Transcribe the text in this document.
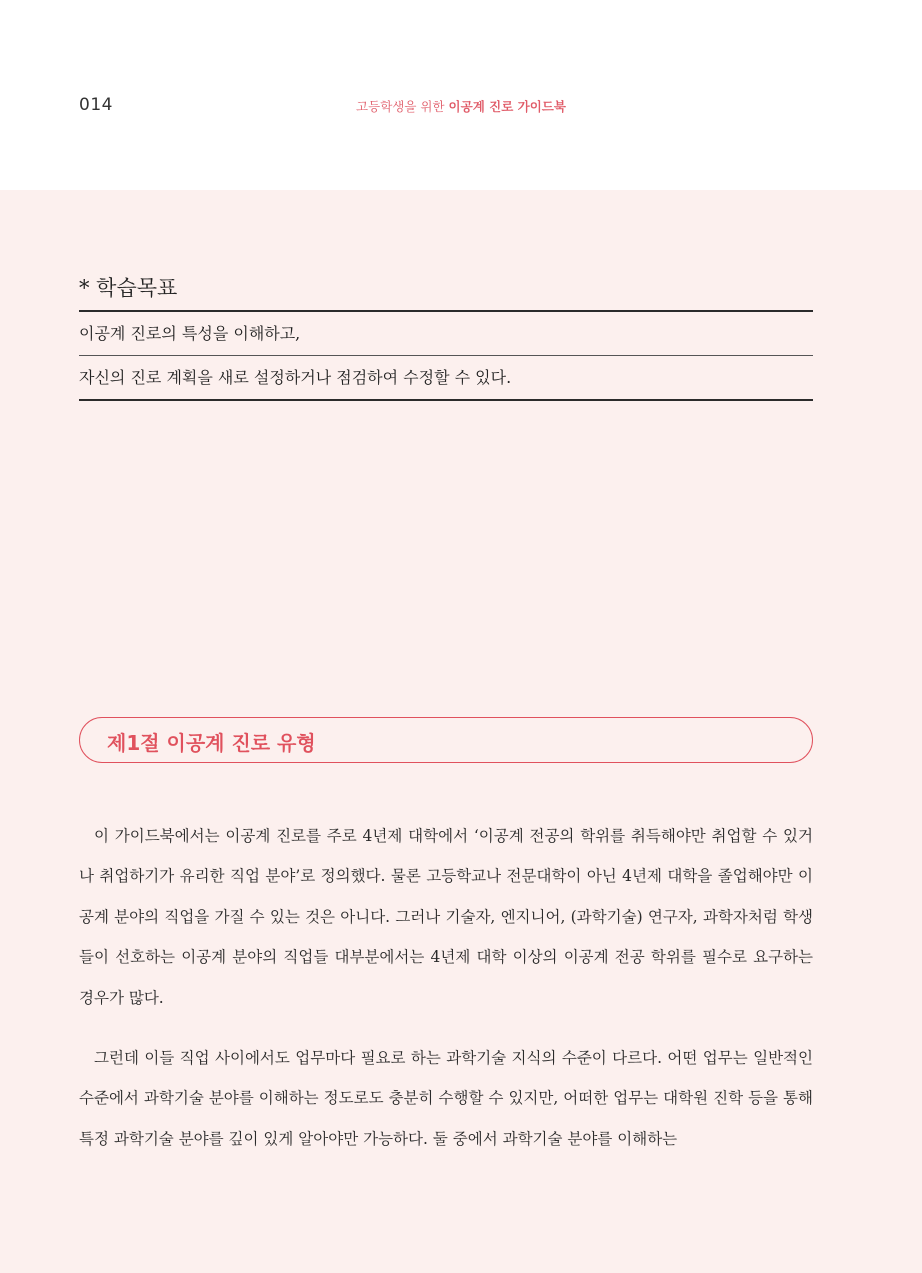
014	고등학생을 위한 이공계 진로 가이드북
* 학습목표
이공계 진로의 특성을 이해하고,
자신의 진로 계획을 새로 설정하거나 점검하여 수정할 수 있다.
제1절 이공계 진로 유형

이 가이드북에서는 이공계 진로를 주로 4년제 대학에서 ‘이공계 전공의 학위를 취득해야만 취업할 수 있거나 취업하기가 유리한 직업 분야’로 정의했다. 물론 고등학교나 전문대학이 아닌 4년제 대학을 졸업해야만 이공계 분야의 직업을 가질 수 있는 것은 아니다. 그러나 기술자, 엔지니어, (과학기술) 연구자, 과학자처럼 학생들이 선호하는 이공계 분야의 직업들 대부분에서는 4년제 대학 이상의 이공계 전공 학위를 필수로 요구하는 경우가 많다.

그런데 이들 직업 사이에서도 업무마다 필요로 하는 과학기술 지식의 수준이 다르다. 어떤 업무는 일반적인 수준에서 과학기술 분야를 이해하는 정도로도 충분히 수행할 수 있지만, 어떠한 업무는 대학원 진학 등을 통해 특정 과학기술 분야를 깊이 있게 알아야만 가능하다. 둘 중에서 과학기술 분야를 이해하는
